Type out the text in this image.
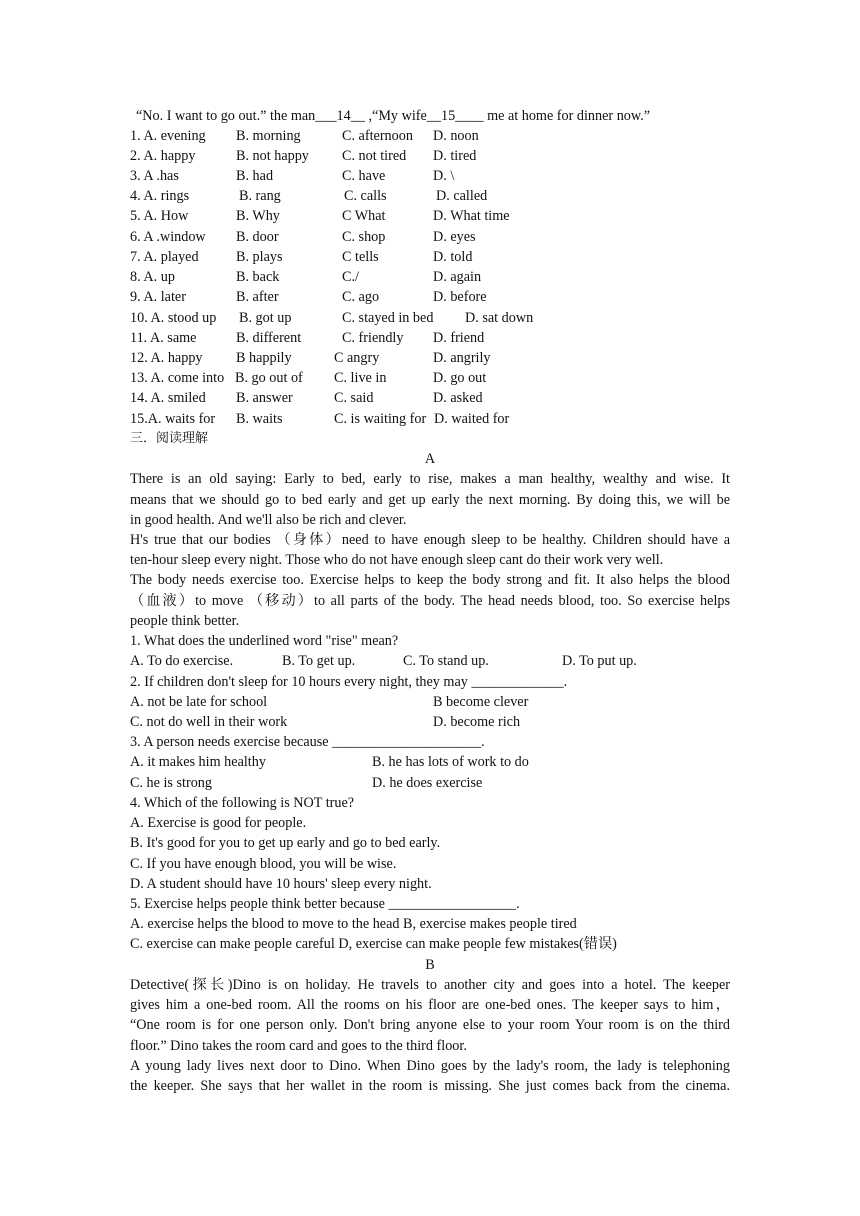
“No. I want to go out.” the man___14__ ,“My wife__15____ me at home for dinner now.”
1. A. evening B. morning	C. afternoon D. noon
2. A. happy	B. not happy C. not tired D. tired
3. A .has	B. had	C. have	D. \
4. A. rings	B. rang	C. calls	D. called
5. A. How	B. Why	C What	D. What time
6. A .window B. door	C. shop	D. eyes
7. A. played	B. plays	C tells	D. told
8. A. up	B. back	C./	D. again
9. A. later	B. after	C. ago	D. before
10. A. stood up B. got up	C. stayed in bed D. sat down
11. A. same	B. different	C. friendly D. friend
12. A. happy B happily	C angry	D. angrily
13. A. come into B. go out of C. live in	D. go out
14. A. smiled B. answer	C. said	D. asked
15.A. waits for B. waits	C. is waiting for D. waited for
三．阅读理解
A
There is an old saying: Early to bed, early to rise, makes a man healthy, wealthy and wise. It
means that we should go to bed early and get up early the next morning. By doing this, we will be
in good health. And we'll also be rich and clever.
H's true that our bodies （身体）need to have enough sleep to be healthy. Children should have a
ten-hour sleep every night. Those who do not have enough sleep cant do their work very well.
The body needs exercise too. Exercise helps to keep the body strong and fit. It also helps the blood
（血液）to move （移动）to all parts of the body. The head needs blood, too. So exercise helps
people think better.
1. What does the underlined word "rise" mean?
A. To do exercise.	B. To get up.	C. To stand up.	D. To put up.
2. If children don't sleep for 10 hours every night, they may _____________.
A. not be late for school	B become clever
C. not do well in their work	D. become rich
3. A person needs exercise because _____________________.
A. it makes him healthy	B. he has lots of work to do
C. he is strong	D. he does exercise
4. Which of the following is NOT true?
A. Exercise is good for people.
B. It's good for you to get up early and go to bed early.
C. If you have enough blood, you will be wise.
D. A student should have 10 hours' sleep every night.
5. Exercise helps people think better because __________________.
A. exercise helps the blood to move to the head B, exercise makes people tired
C. exercise can make people careful D, exercise can make people few mistakes(错误)
B
Detective(探长)Dino is on holiday. He travels to another city and goes into a hotel. The keeper
gives him a one-bed room. All the rooms on his floor are one-bed ones. The keeper says to him，
“One room is for one person only. Don't bring anyone else to your room Your room is on the third
floor.” Dino takes the room card and goes to the third floor.
A young lady lives next door to Dino. When Dino goes by the lady's room, the lady is telephoning
the keeper. She says that her wallet in the room is missing. She just comes back from the cinema.
